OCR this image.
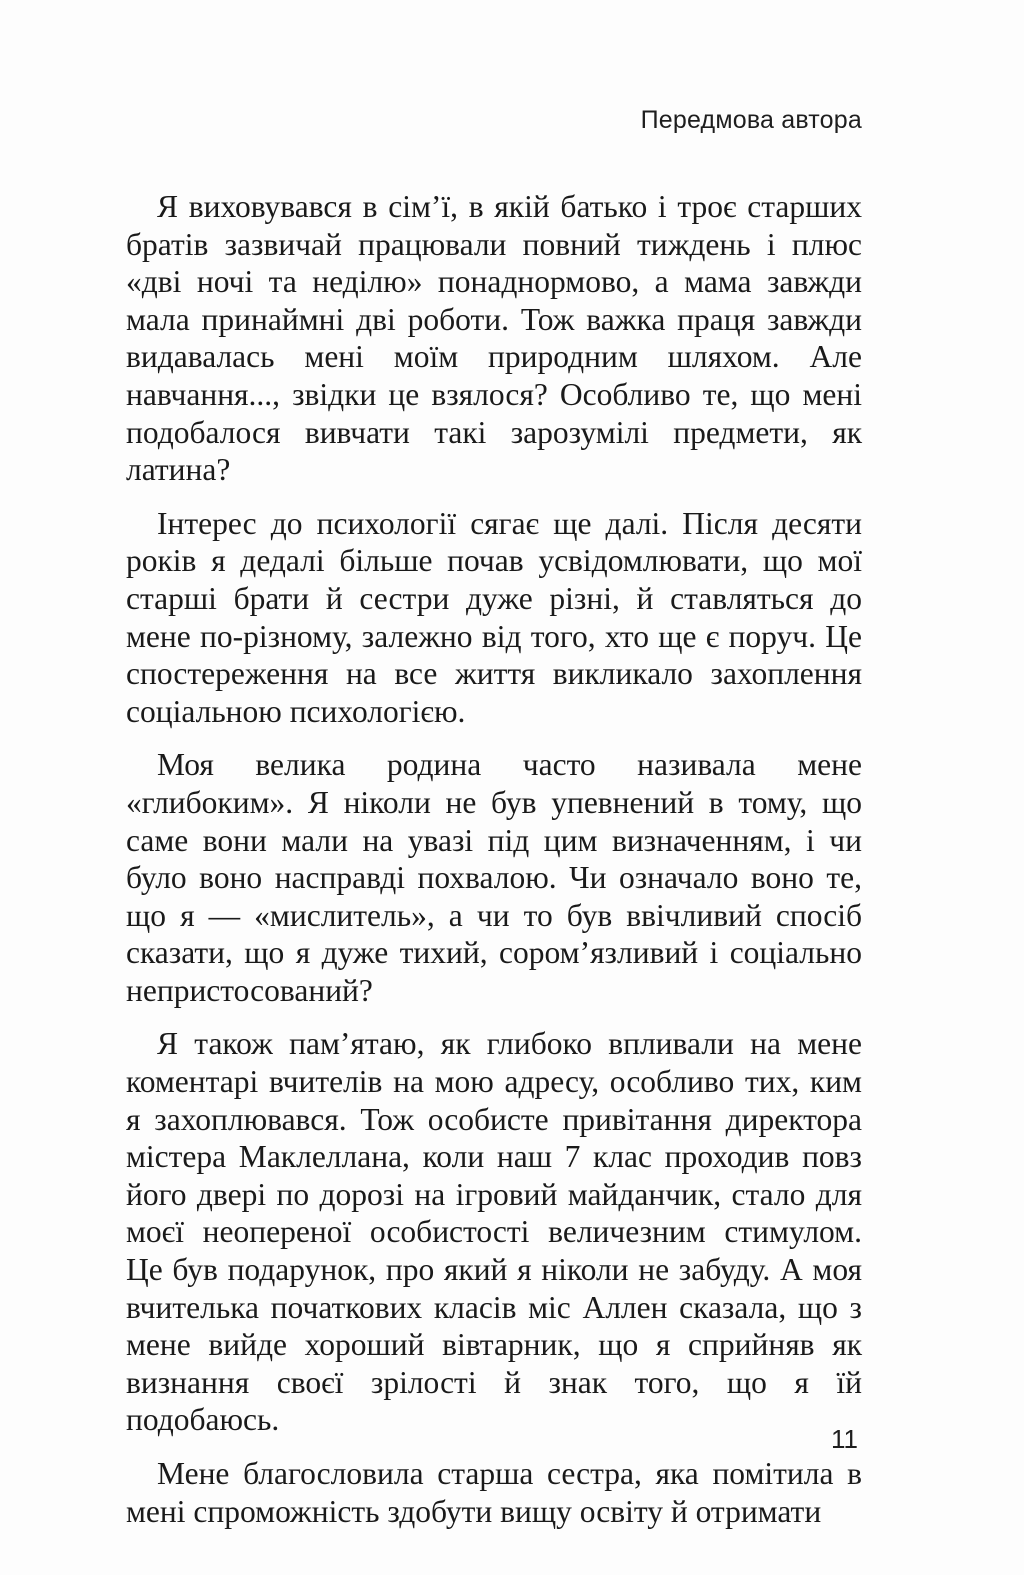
Передмова автора

Я виховувався в сім’ї, в якій батько і троє старших братів зазвичай працювали повний тиждень і плюс «дві ночі та неділю» понаднормово, а мама завжди мала принаймні дві роботи. Тож важка праця завжди видавалась мені моїм природним шляхом. Але навчання..., звідки це взялося? Особливо те, що мені подобалося вивчати такі зарозумілі предмети, як латина?

Інтерес до психології сягає ще далі. Після десяти років я дедалі більше почав усвідомлювати, що мої старші брати й сестри дуже різні, й ставляться до мене по-різному, залежно від того, хто ще є поруч. Це спостереження на все життя викликало захоплення соціальною психологією.

Моя велика родина часто називала мене «глибоким». Я ніколи не був упевнений в тому, що саме вони мали на увазі під цим визначенням, і чи було воно насправді похвалою. Чи означало воно те, що я — «мислитель», а чи то був ввічливий спосіб сказати, що я дуже тихий, сором’язливий і соціально непристосований?

Я також пам’ятаю, як глибоко впливали на мене коментарі вчителів на мою адресу, особливо тих, ким я захоплювався. Тож особисте привітання директора містера Маклеллана, коли наш 7 клас проходив повз його двері по дорозі на ігровий майданчик, стало для моєї неопереної особистості величезним стимулом. Це був подарунок, про який я ніколи не забуду. А моя вчителька початкових класів міс Аллен сказала, що з мене вийде хороший вівтарник, що я сприйняв як визнання своєї зрілості й знак того, що я їй подобаюсь.

Мене благословила старша сестра, яка помітила в мені спроможність здобути вищу освіту й отримати

11
